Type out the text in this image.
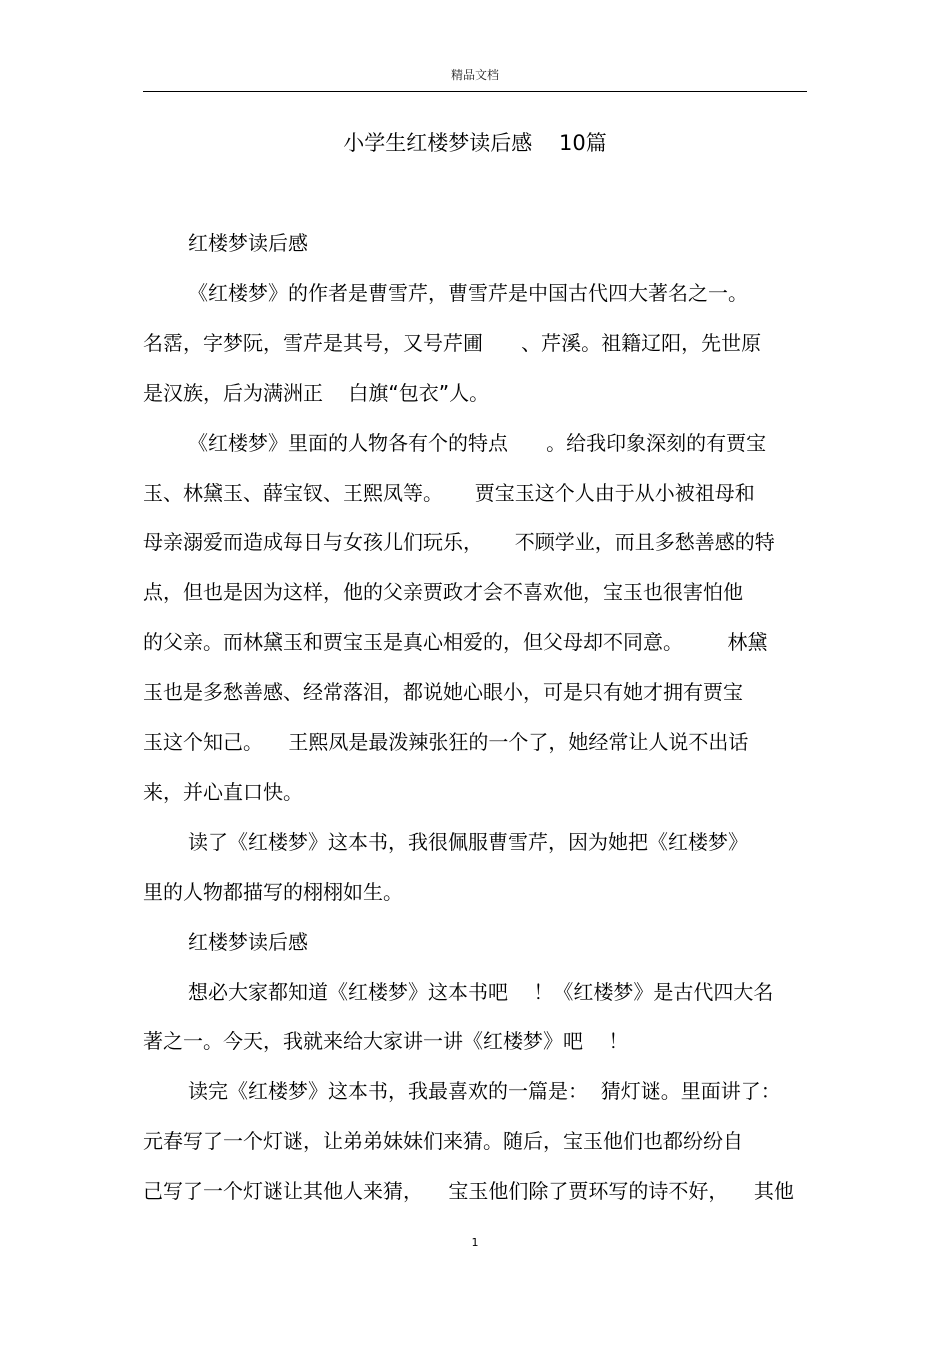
精品文档
小学生红楼梦读后感    10篇
红楼梦读后感
《红楼梦》的作者是曹雪芹，曹雪芹是中国古代四大著名之一。
名霑，字梦阮，雪芹是其号，又号芹圃      、芹溪。祖籍辽阳，先世原
是汉族，后为满洲正    白旗“包衣”人。
《红楼梦》里面的人物各有个的特点      。给我印象深刻的有贾宝
玉、林黛玉、薛宝钗、王熙凤等。     贾宝玉这个人由于从小被祖母和
母亲溺爱而造成每日与女孩儿们玩乐，     不顾学业，而且多愁善感的特
点，但也是因为这样，他的父亲贾政才会不喜欢他，宝玉也很害怕他
的父亲。而林黛玉和贾宝玉是真心相爱的，但父母却不同意。       林黛
玉也是多愁善感、经常落泪，都说她心眼小，可是只有她才拥有贾宝
玉这个知己。    王熙凤是最泼辣张狂的一个了，她经常让人说不出话
来，并心直口快。
读了《红楼梦》这本书，我很佩服曹雪芹，因为她把《红楼梦》
里的人物都描写的栩栩如生。
红楼梦读后感
想必大家都知道《红楼梦》这本书吧    ！《红楼梦》是古代四大名
著之一。今天，我就来给大家讲一讲《红楼梦》吧    ！
读完《红楼梦》这本书，我最喜欢的一篇是：  猜灯谜。里面讲了：
元春写了一个灯谜，让弟弟妹妹们来猜。随后，宝玉他们也都纷纷自
己写了一个灯谜让其他人来猜，    宝玉他们除了贾环写的诗不好，    其他
1
